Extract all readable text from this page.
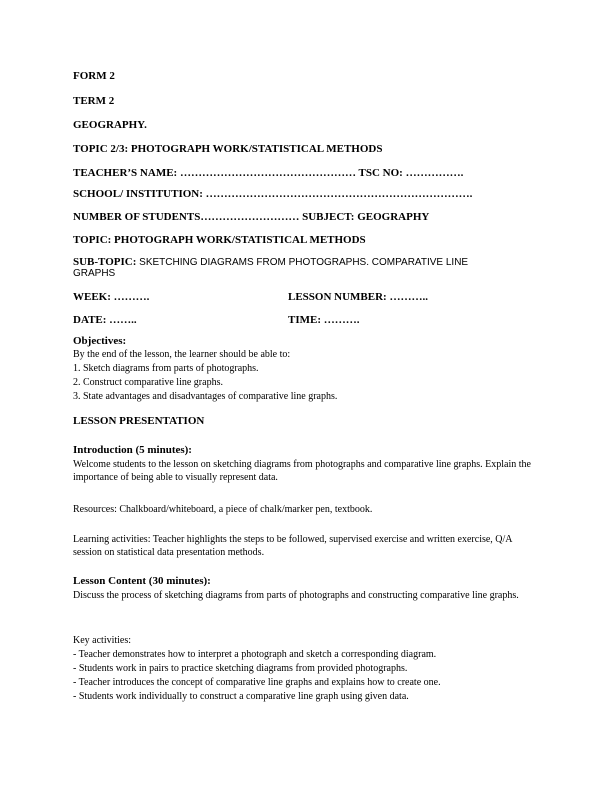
FORM 2
TERM 2
GEOGRAPHY.
TOPIC 2/3: PHOTOGRAPH WORK/STATISTICAL METHODS
TEACHER’S NAME: ………………………………………… TSC NO: …………….
SCHOOL/ INSTITUTION: ……………………………………………………………….
NUMBER OF STUDENTS……………………… SUBJECT: GEOGRAPHY
TOPIC: PHOTOGRAPH WORK/STATISTICAL METHODS
SUB-TOPIC: SKETCHING DIAGRAMS FROM PHOTOGRAPHS. COMPARATIVE LINE
GRAPHS
WEEK: ……….	LESSON NUMBER: ………..
DATE: ……..	TIME: ……….
Objectives:
By the end of the lesson, the learner should be able to:
1. Sketch diagrams from parts of photographs.
2. Construct comparative line graphs.
3. State advantages and disadvantages of comparative line graphs.
LESSON PRESENTATION
Introduction (5 minutes):
Welcome students to the lesson on sketching diagrams from photographs and comparative line graphs. Explain the importance of being able to visually represent data.
Resources: Chalkboard/whiteboard, a piece of chalk/marker pen, textbook.
Learning activities: Teacher highlights the steps to be followed, supervised exercise and written exercise, Q/A session on statistical data presentation methods.
Lesson Content (30 minutes):
Discuss the process of sketching diagrams from parts of photographs and constructing comparative line graphs.
Key activities:
- Teacher demonstrates how to interpret a photograph and sketch a corresponding diagram.
- Students work in pairs to practice sketching diagrams from provided photographs.
- Teacher introduces the concept of comparative line graphs and explains how to create one.
- Students work individually to construct a comparative line graph using given data.
